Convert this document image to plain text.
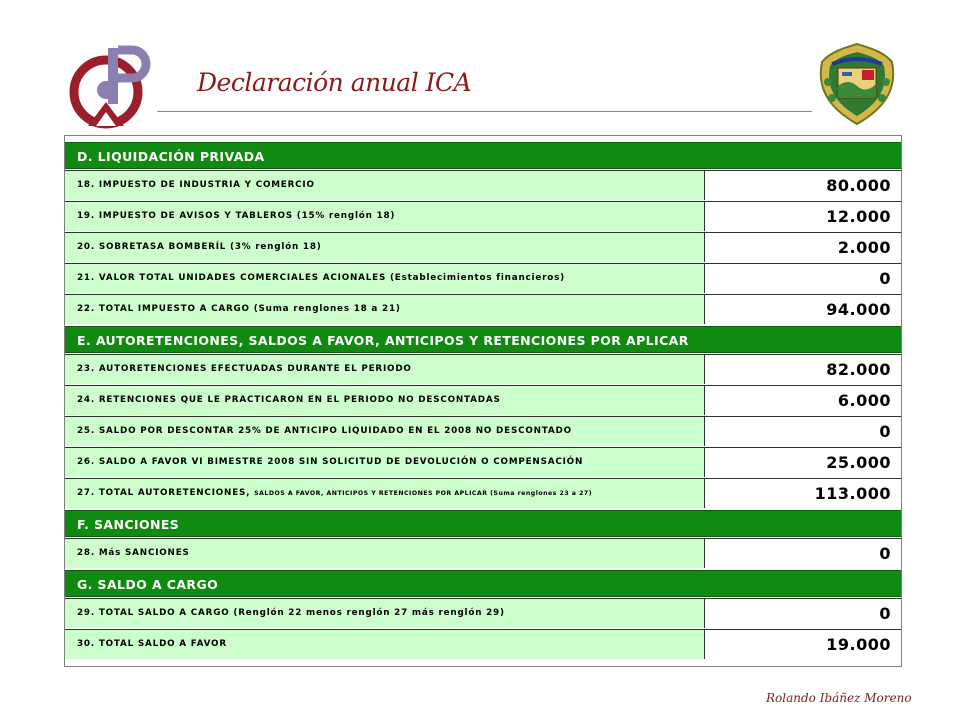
Declaración anual ICA
D. LIQUIDACIÓN PRIVADA
18. IMPUESTO DE INDUSTRIA Y COMERCIO	80.000
19. IMPUESTO DE AVISOS Y TABLEROS (15% renglón 18)	12.000
20. SOBRETASA BOMBERÍL (3% renglón 18)	2.000
21. VALOR TOTAL UNIDADES COMERCIALES ACIONALES (Establecimientos financieros)	0
22. TOTAL IMPUESTO A CARGO (Suma renglones 18 a 21)	94.000
E. AUTORETENCIONES, SALDOS A FAVOR, ANTICIPOS Y RETENCIONES POR APLICAR
23. AUTORETENCIONES EFECTUADAS DURANTE EL PERIODO	82.000
24. RETENCIONES QUE LE PRACTICARON EN EL PERIODO NO DESCONTADAS	6.000
25. SALDO POR DESCONTAR 25% DE ANTICIPO LIQUIDADO EN EL 2008 NO DESCONTADO	0
26. SALDO A FAVOR VI BIMESTRE 2008 SIN SOLICITUD DE DEVOLUCIÓN O COMPENSACIÓN	25.000
27. TOTAL AUTORETENCIONES, SALDOS A FAVOR, ANTICIPOS Y RETENCIONES POR APLICAR (Suma renglones 23 a 27)	113.000
F. SANCIONES
28. Más SANCIONES	0
G. SALDO A CARGO
29. TOTAL SALDO A CARGO (Renglón 22 menos renglón 27 más renglón 29)	0
30. TOTAL SALDO A FAVOR	19.000
Rolando Ibáñez Moreno
